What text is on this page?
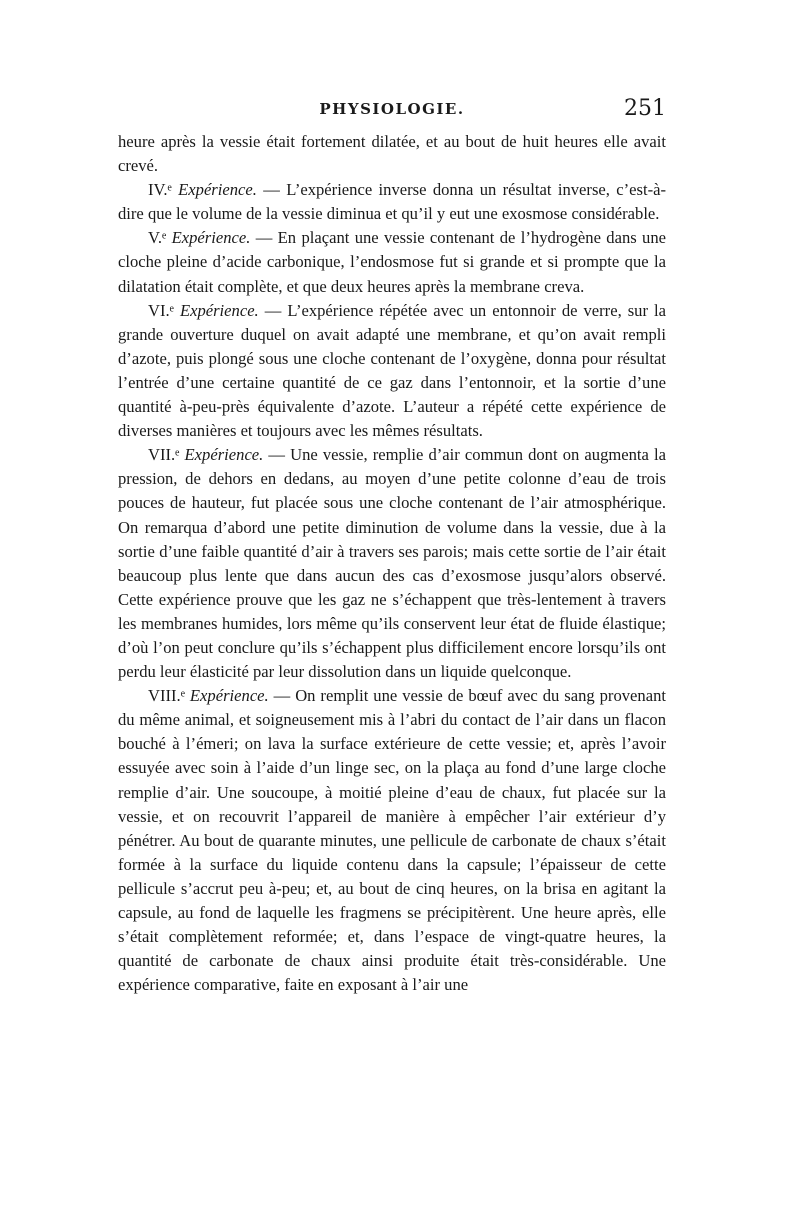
PHYSIOLOGIE.	251

heure après la vessie était fortement dilatée, et au bout de huit heures elle avait crevé.

IV.ᵉ Expérience. — L’expérience inverse donna un résultat inverse, c’est-à-dire que le volume de la vessie diminua et qu’il y eut une exosmose considérable.

V.ᵉ Expérience. — En plaçant une vessie contenant de l’hydrogène dans une cloche pleine d’acide carbonique, l’endosmose fut si grande et si prompte que la dilatation était complète, et que deux heures après la membrane creva.

VI.ᵉ Expérience. — L’expérience répétée avec un entonnoir de verre, sur la grande ouverture duquel on avait adapté une membrane, et qu’on avait rempli d’azote, puis plongé sous une cloche contenant de l’oxygène, donna pour résultat l’entrée d’une certaine quantité de ce gaz dans l’entonnoir, et la sortie d’une quantité à-peu-près équivalente d’azote. L’auteur a répété cette expérience de diverses manières et toujours avec les mêmes résultats.

VII.ᵉ Expérience. — Une vessie, remplie d’air commun dont on augmenta la pression, de dehors en dedans, au moyen d’une petite colonne d’eau de trois pouces de hauteur, fut placée sous une cloche contenant de l’air atmosphérique. On remarqua d’abord une petite diminution de volume dans la vessie, due à la sortie d’une faible quantité d’air à travers ses parois; mais cette sortie de l’air était beaucoup plus lente que dans aucun des cas d’exosmose jusqu’alors observé. Cette expérience prouve que les gaz ne s’échappent que très-lentement à travers les membranes humides, lors même qu’ils conservent leur état de fluide élastique; d’où l’on peut conclure qu’ils s’échappent plus difficilement encore lorsqu’ils ont perdu leur élasticité par leur dissolution dans un liquide quelconque.

VIII.ᵉ Expérience. — On remplit une vessie de bœuf avec du sang provenant du même animal, et soigneusement mis à l’abri du contact de l’air dans un flacon bouché à l’émeri; on lava la surface extérieure de cette vessie; et, après l’avoir essuyée avec soin à l’aide d’un linge sec, on la plaça au fond d’une large cloche remplie d’air. Une soucoupe, à moitié pleine d’eau de chaux, fut placée sur la vessie, et on recouvrit l’appareil de manière à empêcher l’air extérieur d’y pénétrer. Au bout de quarante minutes, une pellicule de carbonate de chaux s’était formée à la surface du liquide contenu dans la capsule; l’épaisseur de cette pellicule s’accrut peu à-peu; et, au bout de cinq heures, on la brisa en agitant la capsule, au fond de laquelle les fragmens se précipitèrent. Une heure après, elle s’était complètement reformée; et, dans l’espace de vingt-quatre heures, la quantité de carbonate de chaux ainsi produite était très-considérable. Une expérience comparative, faite en exposant à l’air une
